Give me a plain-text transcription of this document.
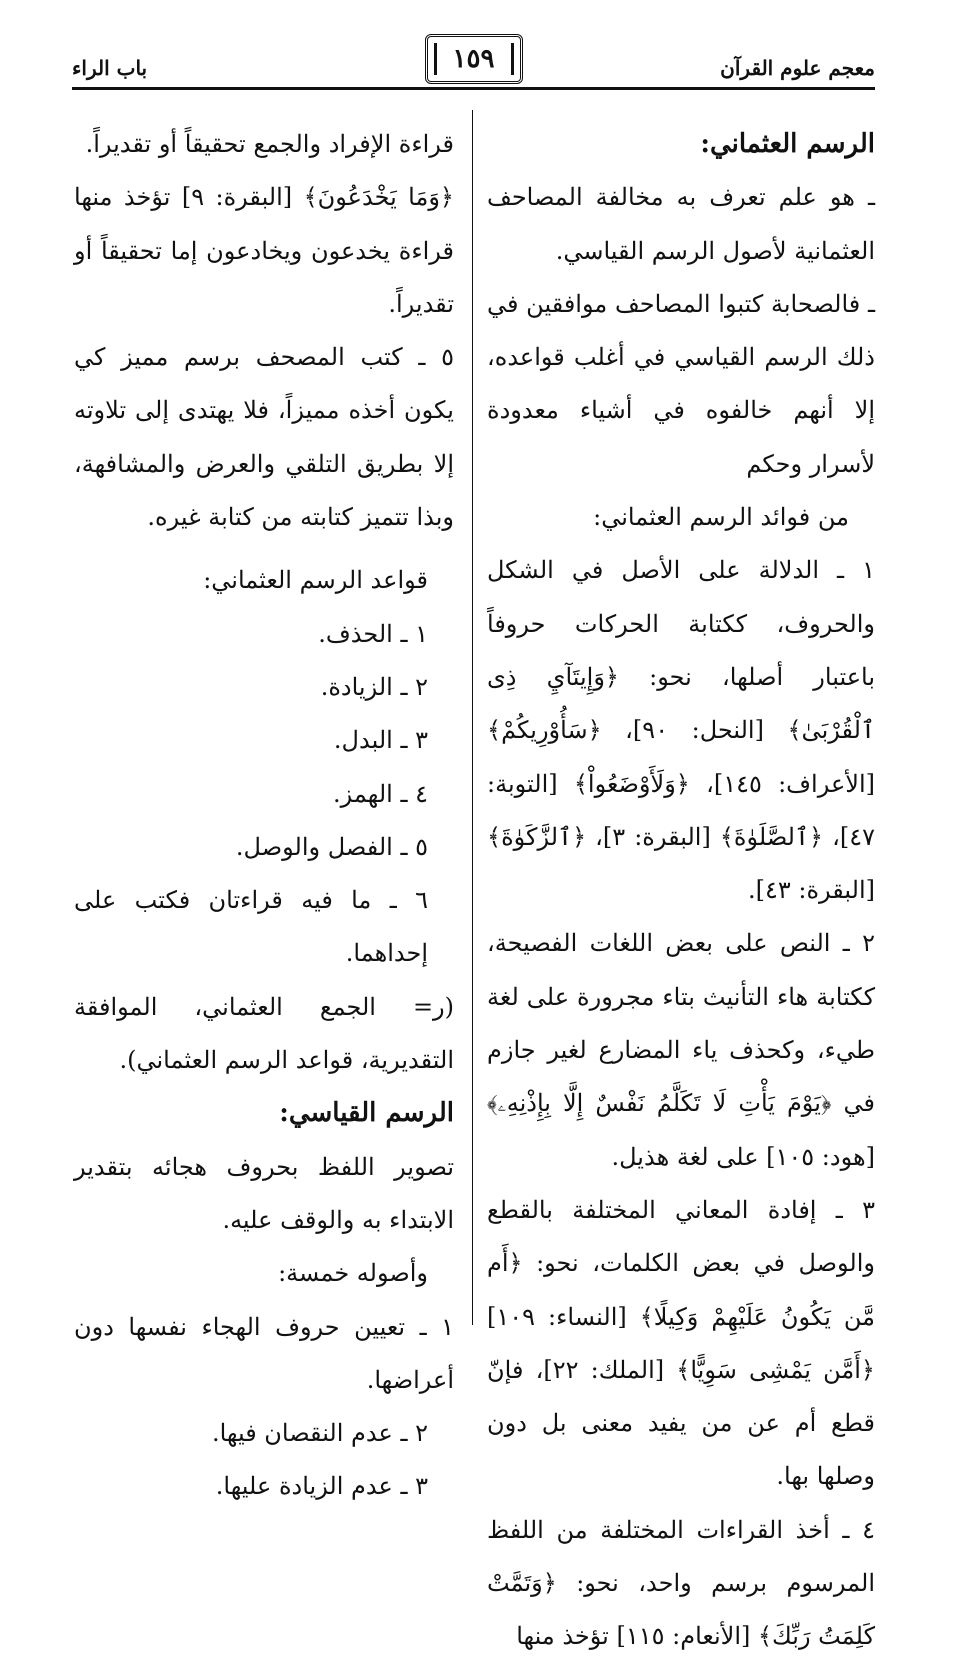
معجم علوم القرآن
١٥٩
باب الراء

الرسم العثماني:

ـ هو علم تعرف به مخالفة المصاحف العثمانية لأصول الرسم القياسي.

ـ فالصحابة كتبوا المصاحف موافقين في ذلك الرسم القياسي في أغلب قواعده، إلا أنهم خالفوه في أشياء معدودة لأسرار وحكم

من فوائد الرسم العثماني:

١ ـ الدلالة على الأصل في الشكل والحروف، ككتابة الحركات حروفاً باعتبار أصلها، نحو: ﴿وَإِيتَآيِ ذِى ٱلْقُرْبَىٰ﴾ [النحل: ٩٠]، ﴿سَأُوْرِيكُمْ﴾ [الأعراف: ١٤٥]، ﴿وَلَأَوْضَعُواْ﴾ [التوبة: ٤٧]، ﴿ٱلصَّلَوٰةَ﴾ [البقرة: ٣]، ﴿ٱلزَّكَوٰةَ﴾ [البقرة: ٤٣].

٢ ـ النص على بعض اللغات الفصيحة، ككتابة هاء التأنيث بتاء مجرورة على لغة طيء، وكحذف ياء المضارع لغير جازم في ﴿يَوْمَ يَأْتِ لَا تَكَلَّمُ نَفْسٌ إِلَّا بِإِذْنِهِۦ﴾ [هود: ١٠٥] على لغة هذيل.

٣ ـ إفادة المعاني المختلفة بالقطع والوصل في بعض الكلمات، نحو: ﴿أَم مَّن يَكُونُ عَلَيْهِمْ وَكِيلًا﴾ [النساء: ١٠٩] ﴿أَمَّن يَمْشِى سَوِيًّا﴾ [الملك: ٢٢]، فإنّ قطع أم عن من يفيد معنى بل دون وصلها بها.

٤ ـ أخذ القراءات المختلفة من اللفظ المرسوم برسم واحد، نحو: ﴿وَتَمَّتْ كَلِمَتُ رَبِّكَ﴾ [الأنعام: ١١٥] تؤخذ منها

قراءة الإفراد والجمع تحقيقاً أو تقديراً.

﴿وَمَا يَخْدَعُونَ﴾ [البقرة: ٩] تؤخذ منها قراءة يخدعون ويخادعون إما تحقيقاً أو تقديراً.

٥ ـ كتب المصحف برسم مميز كي يكون أخذه مميزاً، فلا يهتدى إلى تلاوته إلا بطريق التلقي والعرض والمشافهة، وبذا تتميز كتابته من كتابة غيره.

قواعد الرسم العثماني:

١ ـ الحذف.

٢ ـ الزيادة.

٣ ـ البدل.

٤ ـ الهمز.

٥ ـ الفصل والوصل.

٦ ـ ما فيه قراءتان فكتب على إحداهما.

(ر= الجمع العثماني، الموافقة التقديرية، قواعد الرسم العثماني).

الرسم القياسي:

تصوير اللفظ بحروف هجائه بتقدير الابتداء به والوقف عليه.

وأصوله خمسة:

١ ـ تعيين حروف الهجاء نفسها دون أعراضها.

٢ ـ عدم النقصان فيها.

٣ ـ عدم الزيادة عليها.
